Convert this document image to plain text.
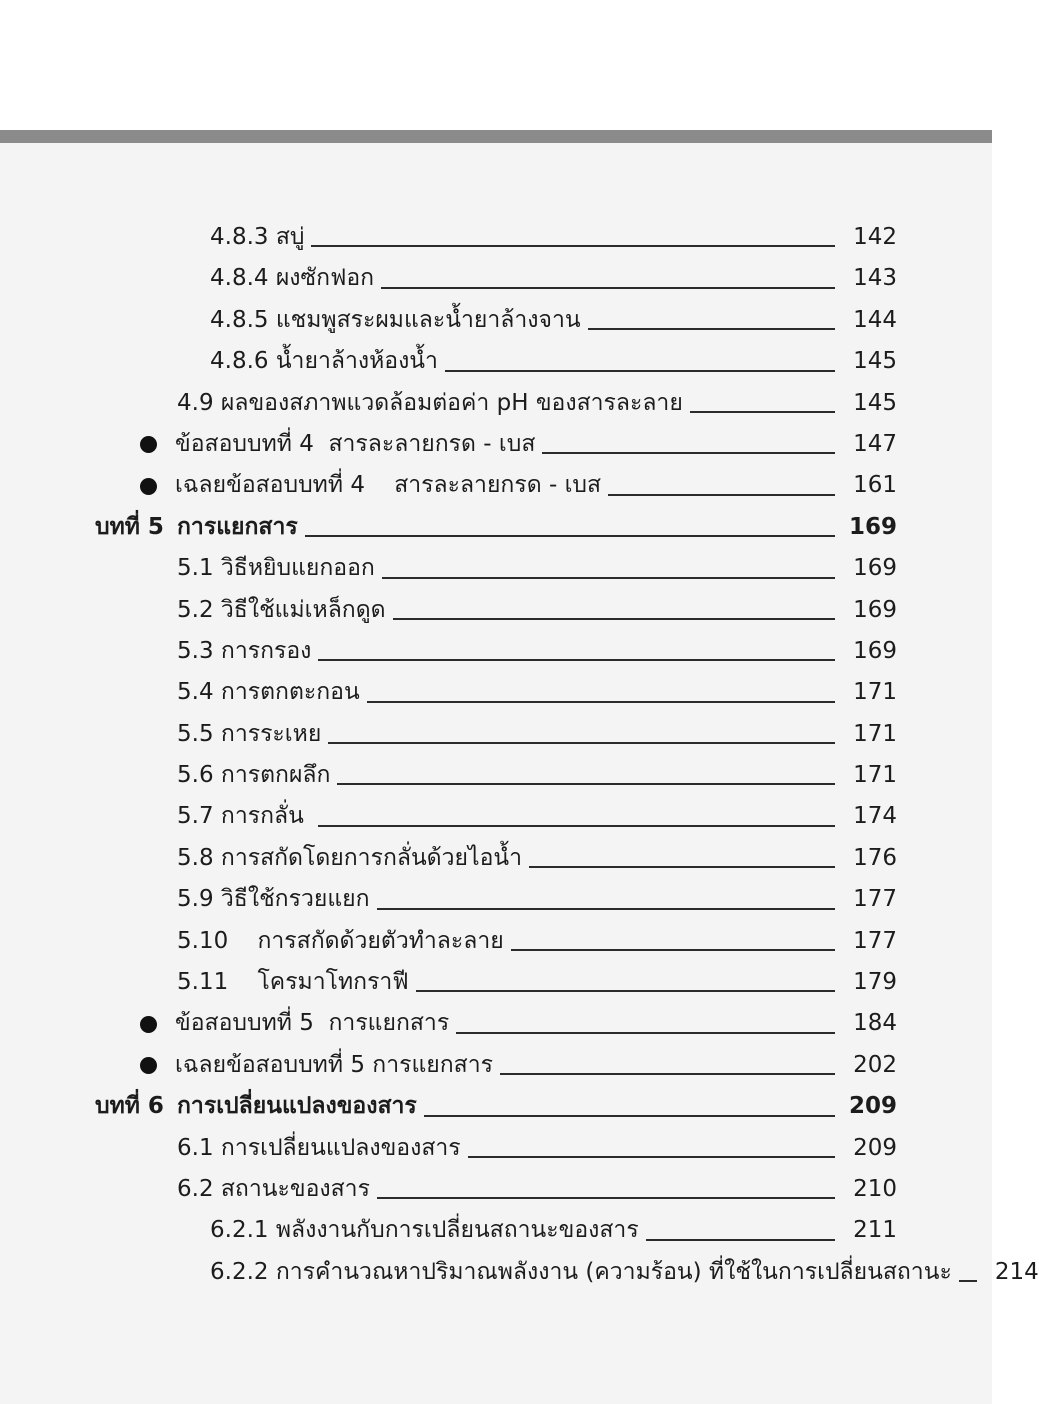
4.8.3 สบู่	142
4.8.4 ผงซักฟอก	143
4.8.5 แชมพูสระผมและน้ำยาล้างจาน	144
4.8.6 น้ำยาล้างห้องน้ำ	145
4.9 ผลของสภาพแวดล้อมต่อค่า pH ของสารละลาย	145
ข้อสอบบทที่ 4  สารละลายกรด - เบส	147
เฉลยข้อสอบบทที่ 4    สารละลายกรด - เบส	161
บทที่ 5 การแยกสาร	169
5.1 วิธีหยิบแยกออก	169
5.2 วิธีใช้แม่เหล็กดูด	169
5.3 การกรอง	169
5.4 การตกตะกอน	171
5.5 การระเหย	171
5.6 การตกผลึก	171
5.7 การกลั่น	174
5.8 การสกัดโดยการกลั่นด้วยไอน้ำ	176
5.9 วิธีใช้กรวยแยก	177
5.10    การสกัดด้วยตัวทำละลาย	177
5.11    โครมาโทกราฟี	179
ข้อสอบบทที่ 5  การแยกสาร	184
เฉลยข้อสอบบทที่ 5 การแยกสาร	202
บทที่ 6 การเปลี่ยนแปลงของสาร	209
6.1 การเปลี่ยนแปลงของสาร	209
6.2 สถานะของสาร	210
6.2.1 พลังงานกับการเปลี่ยนสถานะของสาร	211
6.2.2 การคำนวณหาปริมาณพลังงาน (ความร้อน) ที่ใช้ในการเปลี่ยนสถานะ	214
